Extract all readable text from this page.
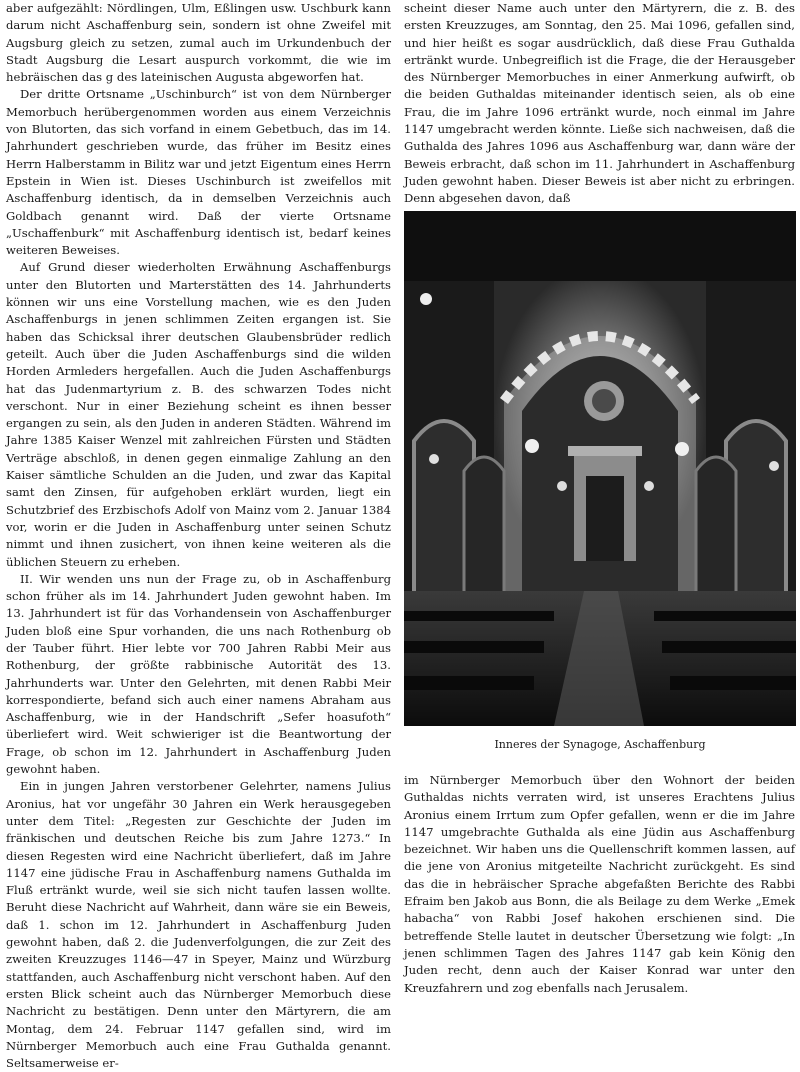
aber aufgezählt: Nördlingen, Ulm, Eßlingen usw. Uschburk kann darum nicht Aschaffenburg sein, sondern ist ohne Zweifel mit Augsburg gleich zu setzen, zumal auch im Urkundenbuch der Stadt Augsburg die Lesart auspurch vorkommt, die wie im hebräischen das g des lateinischen Augusta abgeworfen hat.

Der dritte Ortsname „Uschinburch“ ist von dem Nürnberger Memorbuch herübergenommen worden aus einem Verzeichnis von Blutorten, das sich vorfand in einem Gebetbuch, das im 14. Jahrhundert geschrieben wurde, das früher im Besitz eines Herrn Halberstamm in Bilitz war und jetzt Eigentum eines Herrn Epstein in Wien ist. Dieses Uschinburch ist zweifellos mit Aschaffenburg identisch, da in demselben Verzeichnis auch Goldbach genannt wird. Daß der vierte Ortsname „Uschaffenburk“ mit Aschaffenburg identisch ist, bedarf keines weiteren Beweises.

Auf Grund dieser wiederholten Erwähnung Aschaffenburgs unter den Blutorten und Marterstätten des 14. Jahrhunderts können wir uns eine Vorstellung machen, wie es den Juden Aschaffenburgs in jenen schlimmen Zeiten ergangen ist. Sie haben das Schicksal ihrer deutschen Glaubensbrüder redlich geteilt. Auch über die Juden Aschaffenburgs sind die wilden Horden Armleders hergefallen. Auch die Juden Aschaffenburgs hat das Judenmartyrium z. B. des schwarzen Todes nicht verschont. Nur in einer Beziehung scheint es ihnen besser ergangen zu sein, als den Juden in anderen Städten. Während im Jahre 1385 Kaiser Wenzel mit zahlreichen Fürsten und Städten Verträge abschloß, in denen gegen einmalige Zahlung an den Kaiser sämtliche Schulden an die Juden, und zwar das Kapital samt den Zinsen, für aufgehoben erklärt wurden, liegt ein Schutzbrief des Erzbischofs Adolf von Mainz vom 2. Januar 1384 vor, worin er die Juden in Aschaffenburg unter seinen Schutz nimmt und ihnen zusichert, von ihnen keine weiteren als die üblichen Steuern zu erheben.

II. Wir wenden uns nun der Frage zu, ob in Aschaffenburg schon früher als im 14. Jahrhundert Juden gewohnt haben. Im 13. Jahrhundert ist für das Vorhandensein von Aschaffenburger Juden bloß eine Spur vorhanden, die uns nach Rothenburg ob der Tauber führt. Hier lebte vor 700 Jahren Rabbi Meir aus Rothenburg, der größte rabbinische Autorität des 13. Jahrhunderts war. Unter den Gelehrten, mit denen Rabbi Meir korrespondierte, befand sich auch einer namens Abraham aus Aschaffenburg, wie in der Handschrift „Sefer hoasufoth“ überliefert wird. Weit schwieriger ist die Beantwortung der Frage, ob schon im 12. Jahrhundert in Aschaffenburg Juden gewohnt haben.

Ein in jungen Jahren verstorbener Gelehrter, namens Julius Aronius, hat vor ungefähr 30 Jahren ein Werk herausgegeben unter dem Titel: „Regesten zur Geschichte der Juden im fränkischen und deutschen Reiche bis zum Jahre 1273.“ In diesen Regesten wird eine Nachricht überliefert, daß im Jahre 1147 eine jüdische Frau in Aschaffenburg namens Guthalda im Fluß ertränkt wurde, weil sie sich nicht taufen lassen wollte. Beruht diese Nachricht auf Wahrheit, dann wäre sie ein Beweis, daß 1. schon im 12. Jahrhundert in Aschaffenburg Juden gewohnt haben, daß 2. die Judenverfolgungen, die zur Zeit des zweiten Kreuzzuges 1146—47 in Speyer, Mainz und Würzburg stattfanden, auch Aschaffenburg nicht verschont haben. Auf den ersten Blick scheint auch das Nürnberger Memorbuch diese Nachricht zu bestätigen. Denn unter den Märtyrern, die am Montag, dem 24. Februar 1147 gefallen sind, wird im Nürnberger Memorbuch auch eine Frau Guthalda genannt. Seltsamerweise er-

scheint dieser Name auch unter den Märtyrern, die z. B. des ersten Kreuzzuges, am Sonntag, den 25. Mai 1096, gefallen sind, und hier heißt es sogar ausdrücklich, daß diese Frau Guthalda ertränkt wurde. Unbegreiflich ist die Frage, die der Herausgeber des Nürnberger Memorbuches in einer Anmerkung aufwirft, ob die beiden Guthaldas miteinander identisch seien, als ob eine Frau, die im Jahre 1096 ertränkt wurde, noch einmal im Jahre 1147 umgebracht werden könnte. Ließe sich nachweisen, daß die Guthalda des Jahres 1096 aus Aschaffenburg war, dann wäre der Beweis erbracht, daß schon im 11. Jahrhundert in Aschaffenburg Juden gewohnt haben. Dieser Beweis ist aber nicht zu erbringen. Denn abgesehen davon, daß

Inneres der Synagoge, Aschaffenburg

im Nürnberger Memorbuch über den Wohnort der beiden Guthaldas nichts verraten wird, ist unseres Erachtens Julius Aronius einem Irrtum zum Opfer gefallen, wenn er die im Jahre 1147 umgebrachte Guthalda als eine Jüdin aus Aschaffenburg bezeichnet. Wir haben uns die Quellenschrift kommen lassen, auf die jene von Aronius mitgeteilte Nachricht zurückgeht. Es sind das die in hebräischer Sprache abgefaßten Berichte des Rabbi Efraim ben Jakob aus Bonn, die als Beilage zu dem Werke „Emek habacha“ von Rabbi Josef hakohen erschienen sind. Die betreffende Stelle lautet in deutscher Übersetzung wie folgt: „In jenen schlimmen Tagen des Jahres 1147 gab kein König den Juden recht, denn auch der Kaiser Konrad war unter den Kreuzfahrern und zog ebenfalls nach Jerusalem.
